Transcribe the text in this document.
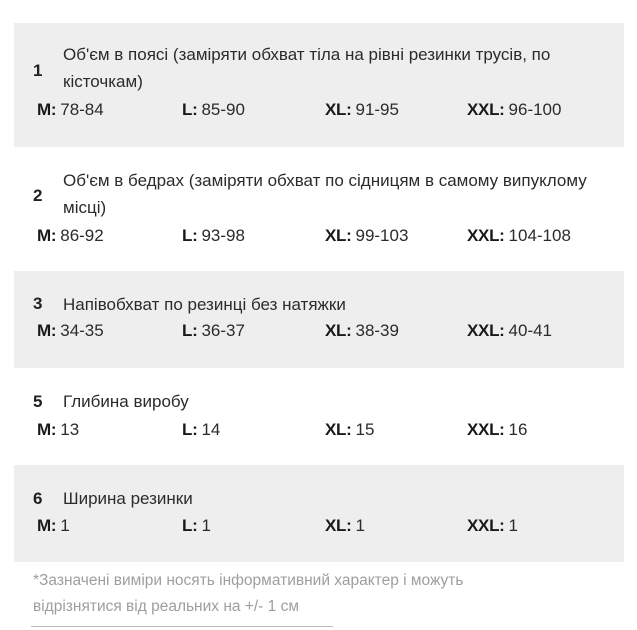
1
Об'єм в поясі (заміряти обхват тіла на рівні резинки трусів, по кісточкам)
M: 78-84	L: 85-90	XL: 91-95	XXL: 96-100
2
Об'єм в бедрах (заміряти обхват по сідницям в самому випуклому місці)
M: 86-92	L: 93-98	XL: 99-103	XXL: 104-108
3 Напівобхват по резинці без натяжки
M: 34-35	L: 36-37	XL: 38-39	XXL: 40-41
5 Глибина виробу
M: 13	L: 14	XL: 15	XXL: 16
6 Ширина резинки
M: 1	L: 1	XL: 1	XXL: 1
*Зазначені виміри носять інформативний характер і можуть відрізнятися від реальних на +/- 1 см
